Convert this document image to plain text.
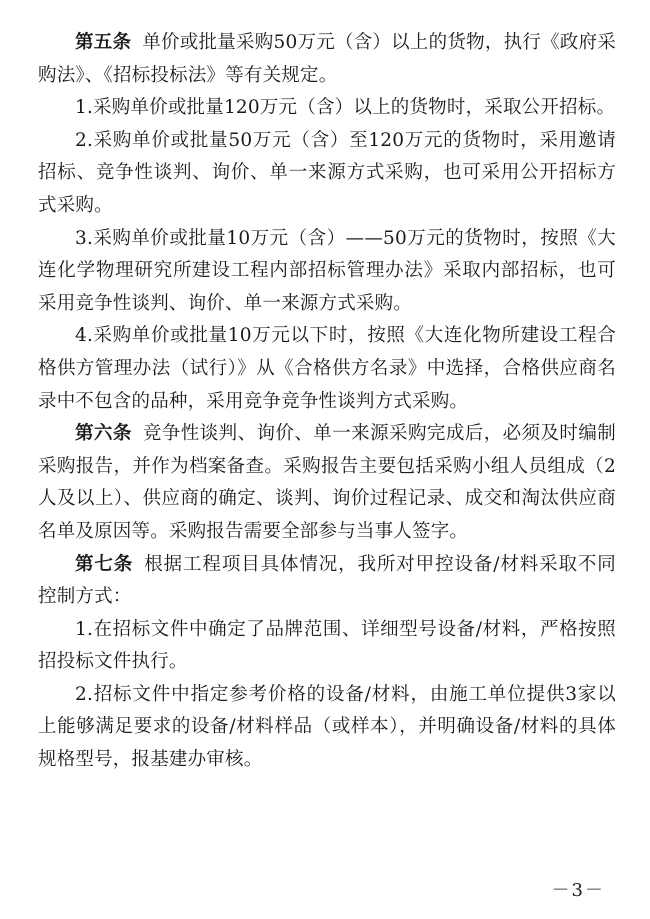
第五条 单价或批量采购50万元（含）以上的货物，执行《政府采购法》、《招标投标法》等有关规定。

1.采购单价或批量120万元（含）以上的货物时，采取公开招标。

2.采购单价或批量50万元（含）至120万元的货物时，采用邀请招标、竞争性谈判、询价、单一来源方式采购，也可采用公开招标方式采购。

3.采购单价或批量10万元（含）——50万元的货物时，按照《大连化学物理研究所建设工程内部招标管理办法》采取内部招标，也可采用竞争性谈判、询价、单一来源方式采购。

4.采购单价或批量10万元以下时，按照《大连化物所建设工程合格供方管理办法（试行）》从《合格供方名录》中选择，合格供应商名录中不包含的品种，采用竞争竞争性谈判方式采购。

第六条 竞争性谈判、询价、单一来源采购完成后，必须及时编制采购报告，并作为档案备查。采购报告主要包括采购小组人员组成（2人及以上）、供应商的确定、谈判、询价过程记录、成交和淘汰供应商名单及原因等。采购报告需要全部参与当事人签字。

第七条 根据工程项目具体情况，我所对甲控设备/材料采取不同控制方式：

1.在招标文件中确定了品牌范围、详细型号设备/材料，严格按照招投标文件执行。

2.招标文件中指定参考价格的设备/材料，由施工单位提供3家以上能够满足要求的设备/材料样品（或样本），并明确设备/材料的具体规格型号，报基建办审核。

－3－
